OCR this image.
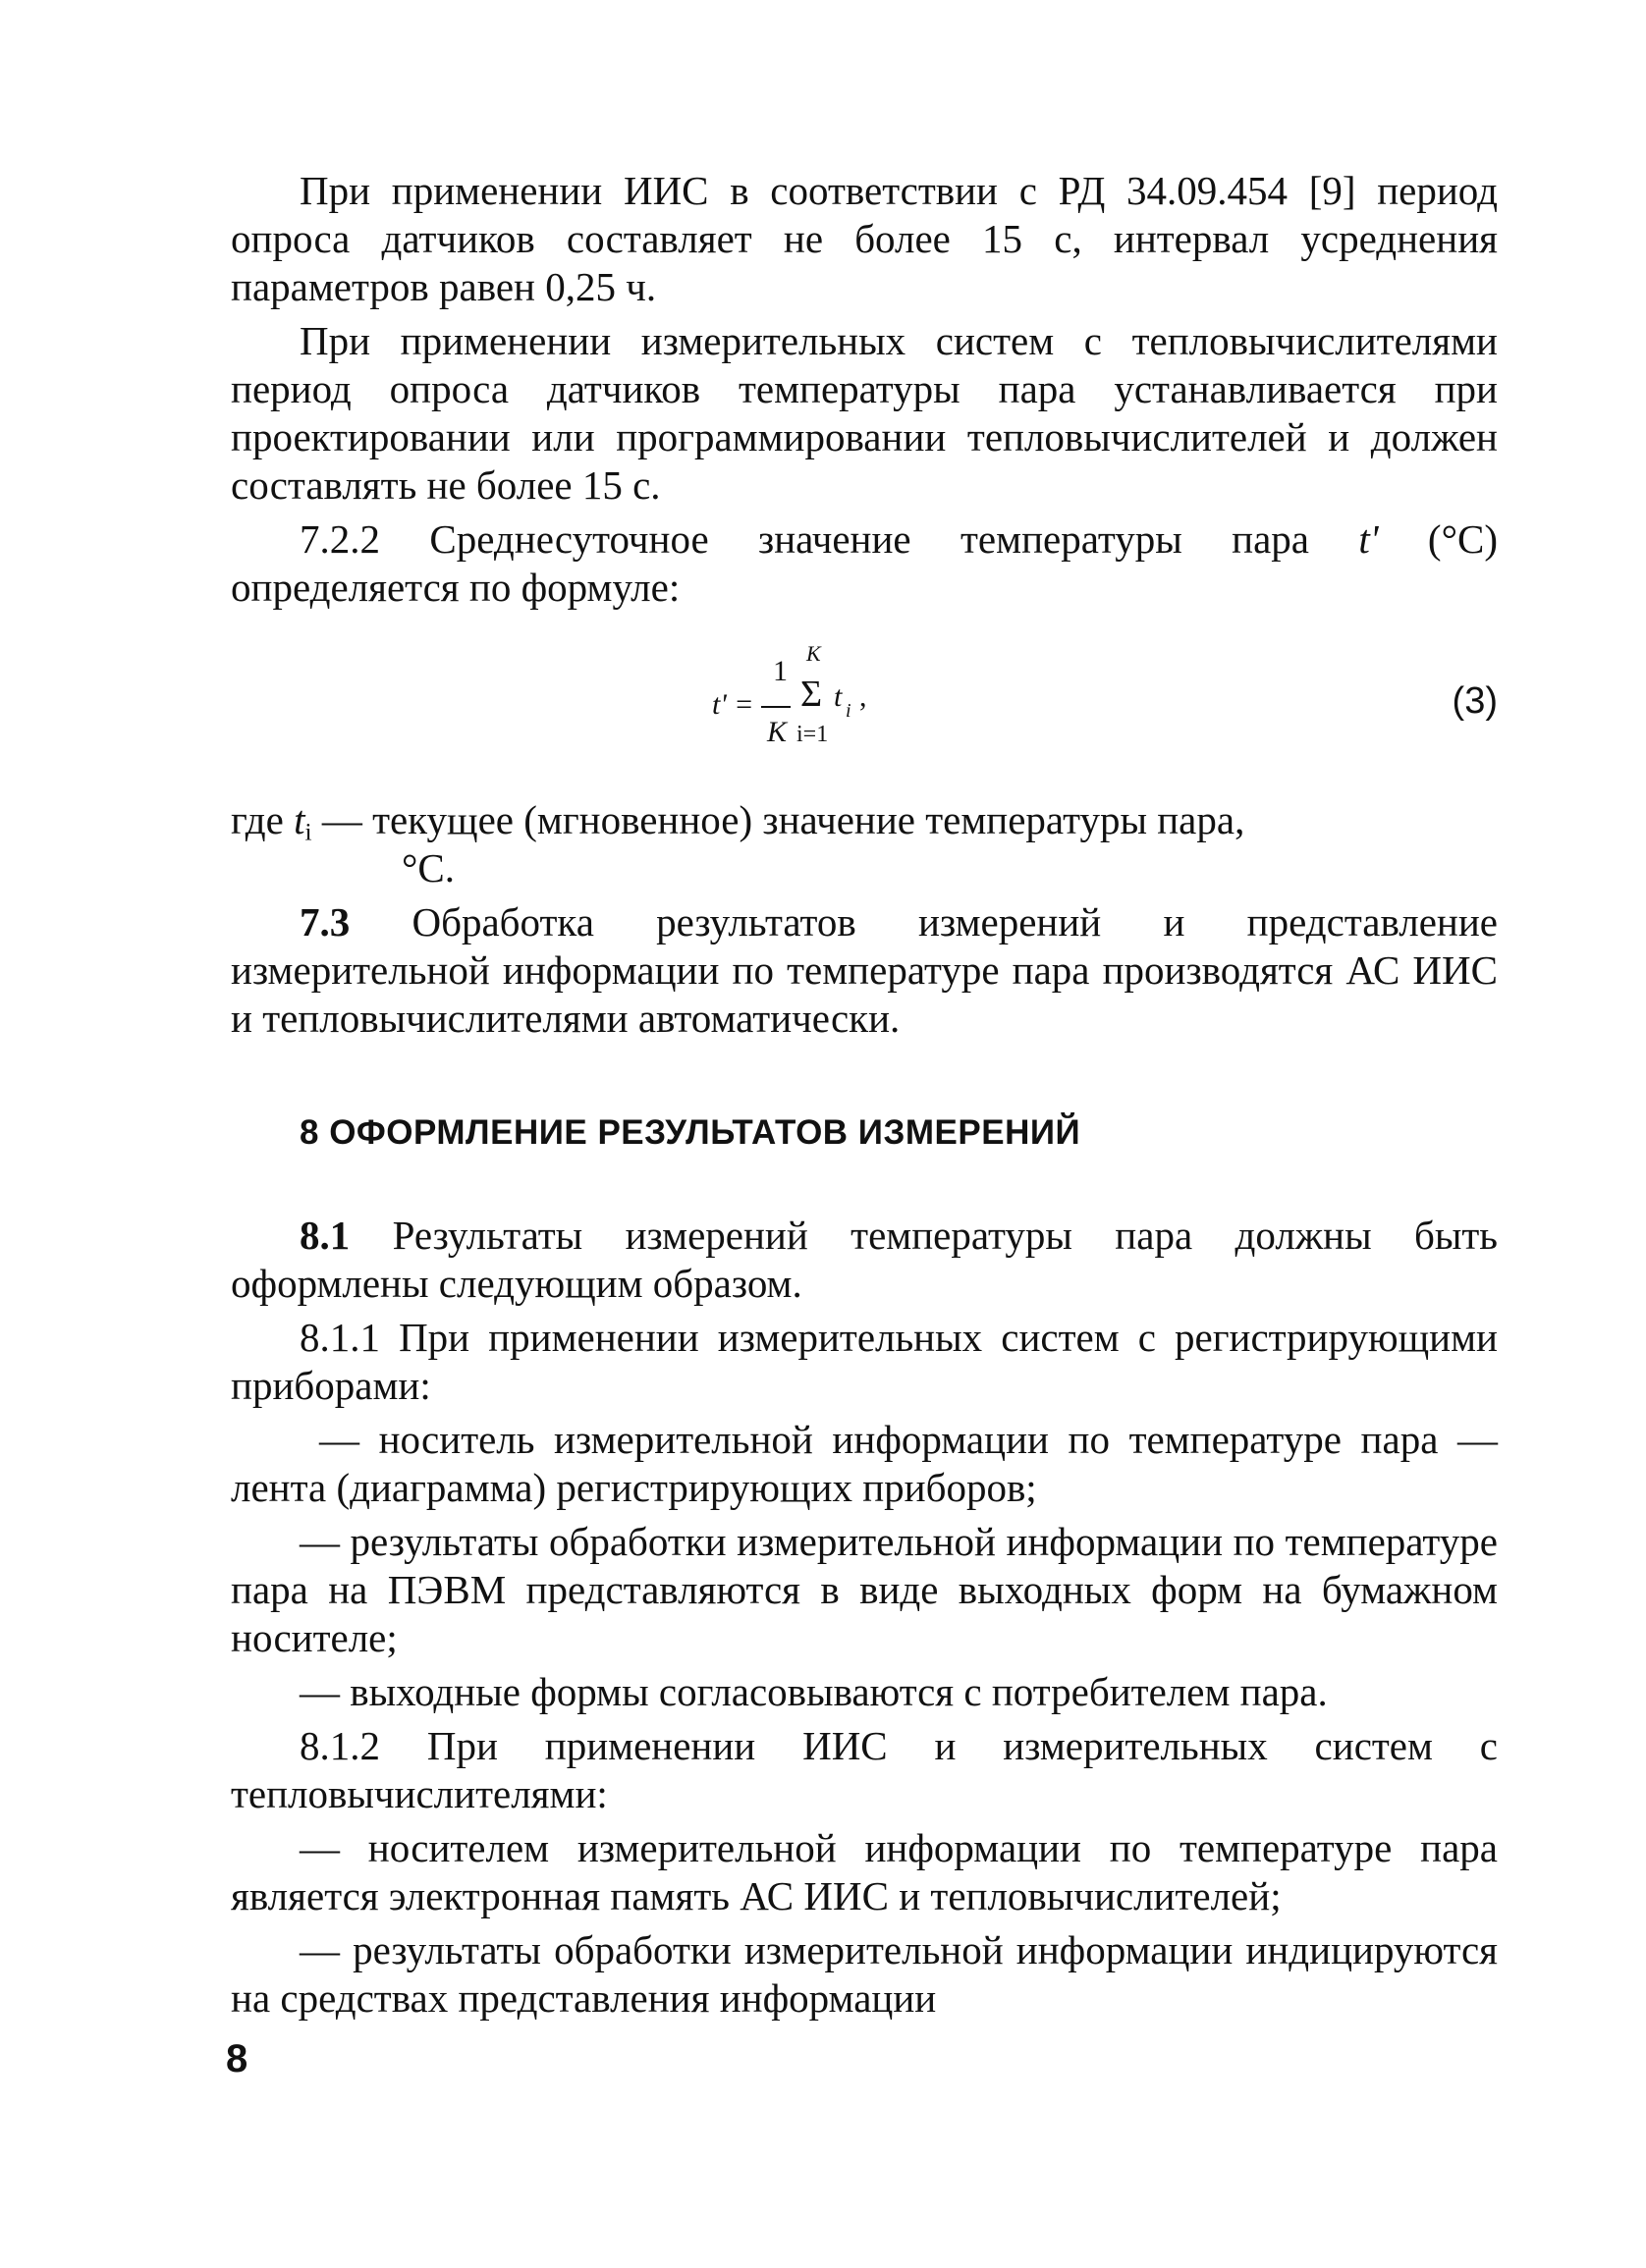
При применении ИИС в соответствии с РД 34.09.454 [9] период опроса датчиков составляет не более 15 с, интервал усреднения параметров равен 0,25 ч.

При применении измерительных систем с тепловычислителями период опроса датчиков температуры пара устанавливается при проектировании или программировании тепловычислителей и должен составлять не более 15 с.

7.2.2 Среднесуточное значение температуры пара t' (°С) определяется по формуле:

t' =
1
K
K
Σ
i=1
t i ,	(3)
где $t_i$ — текущее (мгновенное) значение температуры пара,
°С.

7.3 Обработка результатов измерений и представление измерительной информации по температуре пара производятся АС ИИС и тепловычислителями автоматически.

8 ОФОРМЛЕНИЕ РЕЗУЛЬТАТОВ ИЗМЕРЕНИЙ

8.1 Результаты измерений температуры пара должны быть оформлены следующим образом.

8.1.1 При применении измерительных систем с регистрирующими приборами:

— носитель измерительной информации по температуре пара — лента (диаграмма) регистрирующих приборов;

— результаты обработки измерительной информации по температуре пара на ПЭВМ представляются в виде выходных форм на бумажном носителе;

— выходные формы согласовываются с потребителем пара.

8.1.2 При применении ИИС и измерительных систем с тепловычислителями:

— носителем измерительной информации по температуре пара является электронная память АС ИИС и тепловычислителей;

— результаты обработки измерительной информации индицируются на средствах представления информации

8
